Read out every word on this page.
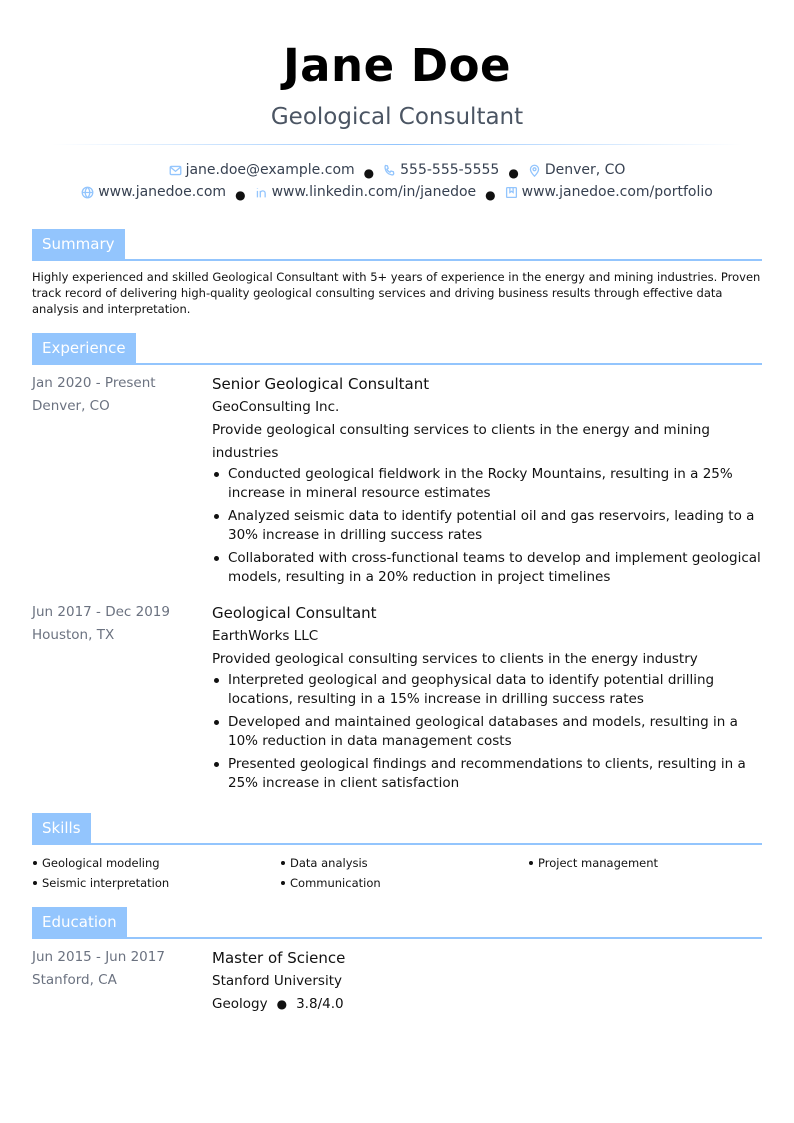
Jane Doe
Geological Consultant
jane.doe@example.com ● 555-555-5555 ● Denver, CO
www.janedoe.com ● www.linkedin.com/in/janedoe ● www.janedoe.com/portfolio
Summary
Highly experienced and skilled Geological Consultant with 5+ years of experience in the energy and mining industries. Proven track record of delivering high-quality geological consulting services and driving business results through effective data analysis and interpretation.
Experience
Jan 2020 - Present
Denver, CO
Senior Geological Consultant
GeoConsulting Inc.
Provide geological consulting services to clients in the energy and mining industries
Conducted geological fieldwork in the Rocky Mountains, resulting in a 25% increase in mineral resource estimates
Analyzed seismic data to identify potential oil and gas reservoirs, leading to a 30% increase in drilling success rates
Collaborated with cross-functional teams to develop and implement geological models, resulting in a 20% reduction in project timelines
Jun 2017 - Dec 2019
Houston, TX
Geological Consultant
EarthWorks LLC
Provided geological consulting services to clients in the energy industry
Interpreted geological and geophysical data to identify potential drilling locations, resulting in a 15% increase in drilling success rates
Developed and maintained geological databases and models, resulting in a 10% reduction in data management costs
Presented geological findings and recommendations to clients, resulting in a 25% increase in client satisfaction
Skills
Geological modeling	Data analysis	Project management
Seismic interpretation	Communication
Education
Jun 2015 - Jun 2017
Stanford, CA
Master of Science
Stanford University
Geology ● 3.8/4.0
